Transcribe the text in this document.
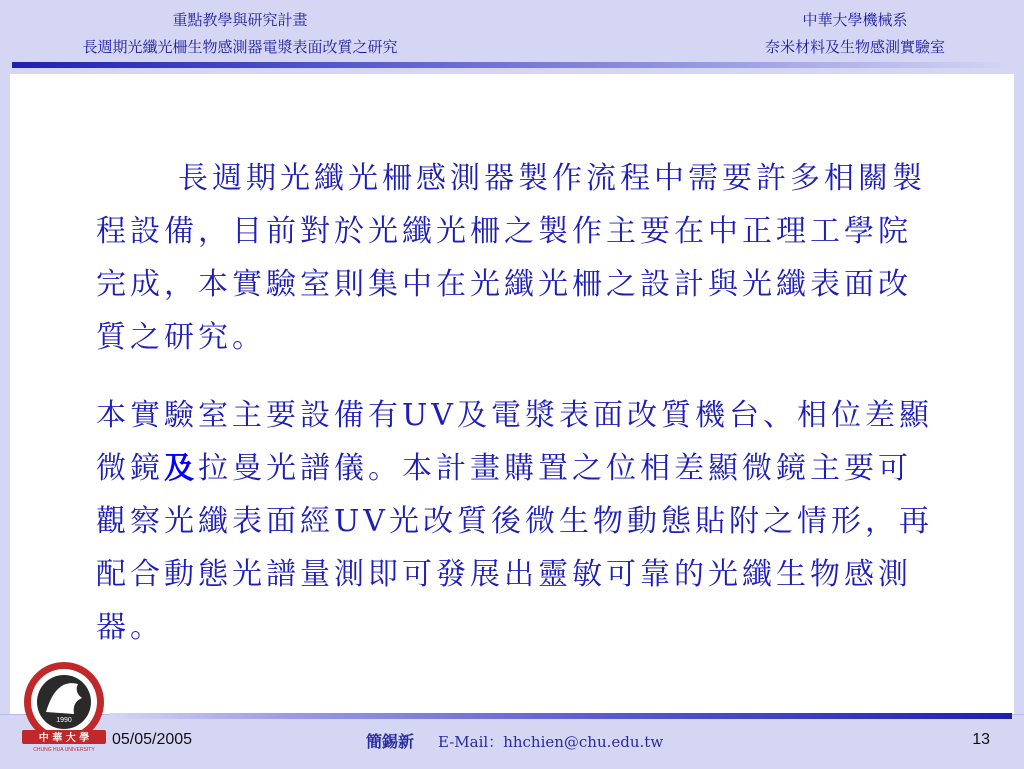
重點教學與研究計畫
長週期光纖光柵生物感測器電漿表面改質之研究
中華大學機械系
奈米材料及生物感測實驗室

長週期光纖光柵感測器製作流程中需要許多相關製程設備，目前對於光纖光柵之製作主要在中正理工學院完成，本實驗室則集中在光纖光柵之設計與光纖表面改質之研究。

本實驗室主要設備有UV及電漿表面改質機台、相位差顯微鏡及拉曼光譜儀。本計畫購置之位相差顯微鏡主要可觀察光纖表面經UV光改質後微生物動態貼附之情形，再配合動態光譜量測即可發展出靈敏可靠的光纖生物感測器。

1990
中 華 大 學
CHUNG HUA UNIVERSITY
05/05/2005	簡錫新 E-Mail：hhchien@chu.edu.tw	13
